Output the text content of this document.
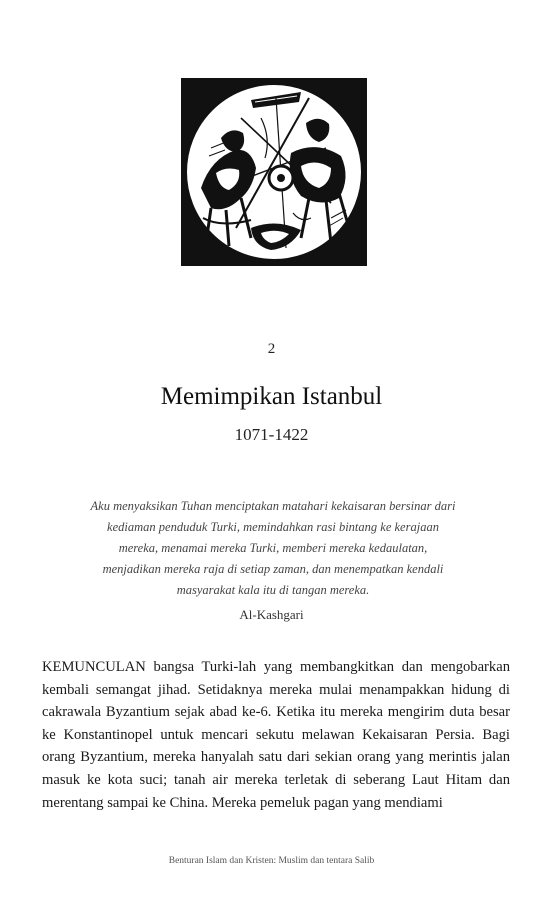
2
Memimpikan Istanbul
1071-1422

Aku menyaksikan Tuhan menciptakan matahari kekaisaran bersinar dari kediaman penduduk Turki, memindahkan rasi bintang ke kerajaan mereka, menamai mereka Turki, memberi mereka kedaulatan, menjadikan mereka raja di setiap zaman, dan menempatkan kendali masyarakat kala itu di tangan mereka.

Al-Kashgari

KEMUNCULAN bangsa Turki-lah yang membangkitkan dan mengobarkan kembali semangat jihad. Setidaknya mereka mulai menampakkan hidung di cakrawala Byzantium sejak abad ke-6. Ketika itu mereka mengirim duta besar ke Konstantinopel untuk mencari sekutu melawan Kekaisaran Persia. Bagi orang Byzantium, mereka hanyalah satu dari sekian orang yang merintis jalan masuk ke kota suci; tanah air mereka terletak di seberang Laut Hitam dan merentang sampai ke China. Mereka pemeluk pagan yang mendiami

Benturan Islam dan Kristen: Muslim dan tentara Salib
